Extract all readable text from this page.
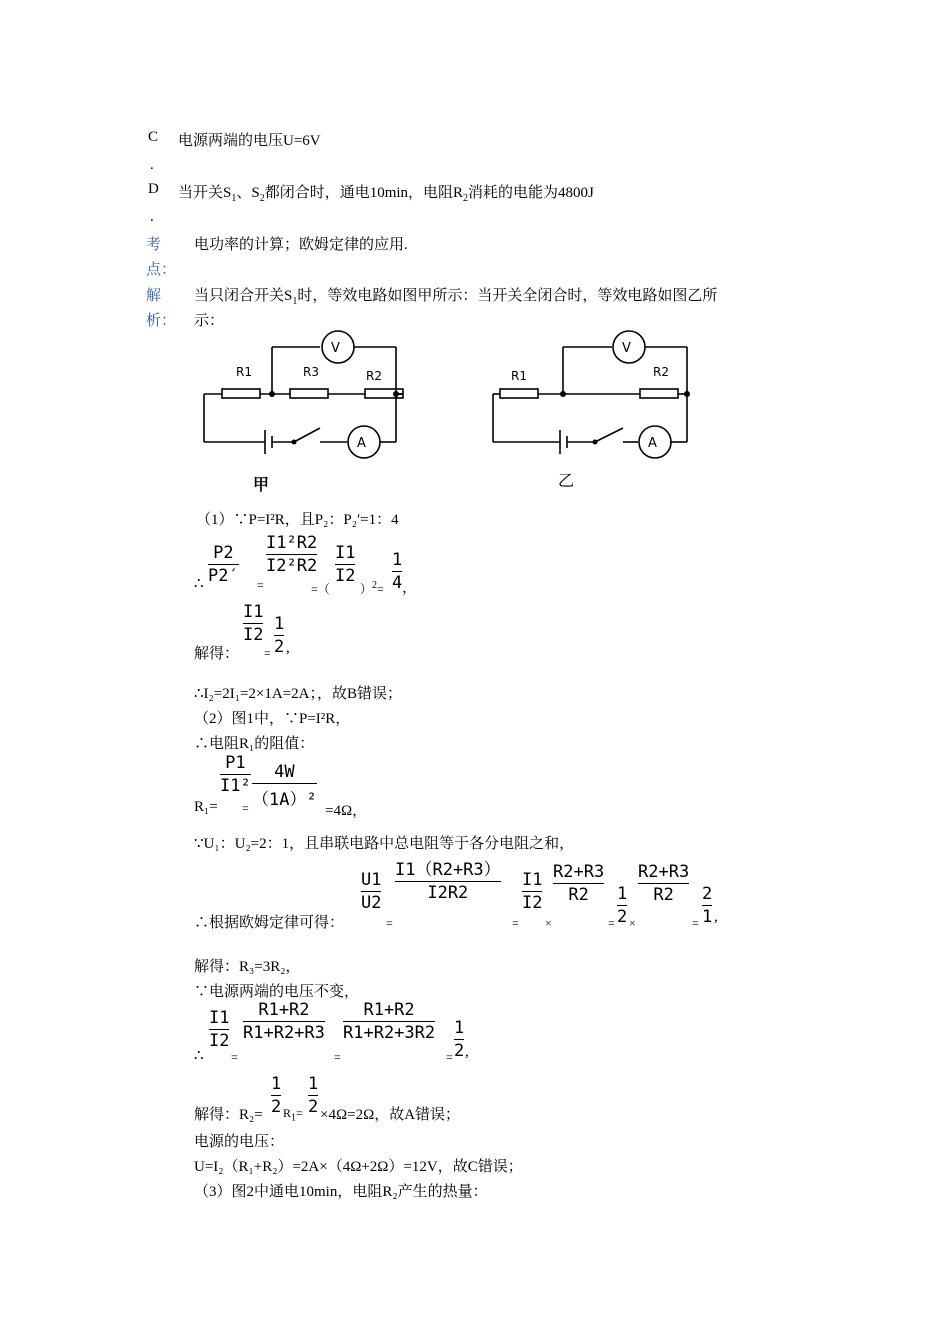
C 电源两端的电压U=6V
.
D 当开关$S_1$、$S_2$都闭合时，通电10min，电阻$R_2$消耗的电能为4800J
.
考
点：
电功率的计算；欧姆定律的应用.
解
析：
当只闭合开关$S_1$时，等效电路如图甲所示：当开关全闭合时，等效电路如图乙所
示：
V
A
V
A
R1	R3	R2	R1	R2
甲	乙
（1）∵P=I²R，且P₂：P₂′=1：4
∴
P2
P2′ =
I1²R2
I2²R2
=（
I1
I2
）$^2$=
1
4 ，
解得：
I1
I2
=
1
2 ,
∴I₂=2I₁=2×1A=2A；，故B错误；
（2）图1中，∵P=I²R，
∴电阻R₁的阻值：
R₁=
P1
I1²
=
4W
（1A）²
=4Ω，
∵U₁：U₂=2：1，且串联电路中总电阻等于各分电阻之和，
∴根据欧姆定律可得：
U1
U2
=
I1（R2+R3）
I2R2
=
I1
I2
×
R2+R3
R2
=
1
2 ×
R2+R3
R2
=
2
1 ,
解得：R₃=3R₂，
∵电源两端的电压不变，
∴
I1
I2
=
R1+R2
R1+R2+R3
=
R1+R2
R1+R2+3R2
=
1
2 ,
解得：R₂=
1
2 $R_1=$
1
2 ×4Ω=2Ω，故A错误；
电源的电压：
U=I₂（R₁+R₂）=2A×（4Ω+2Ω）=12V，故C错误；
（3）图2中通电10min，电阻R₂产生的热量：
